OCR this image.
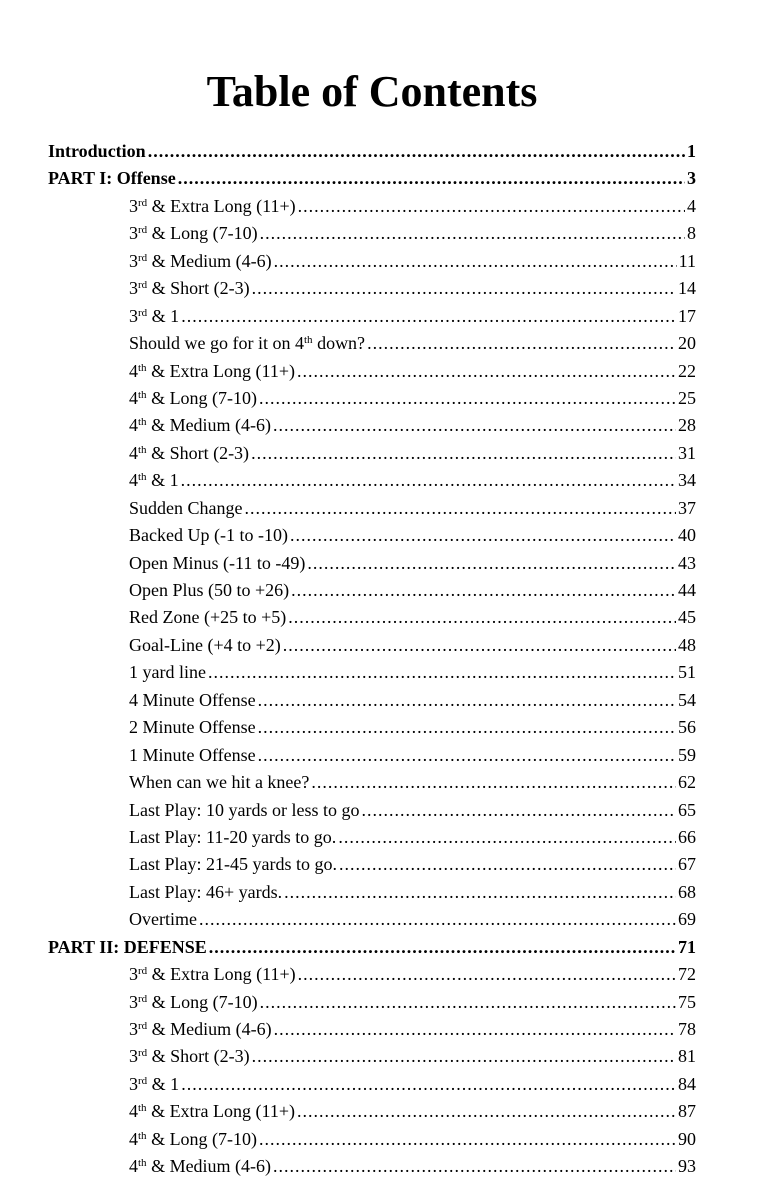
Table of Contents
Introduction .....	1
PART I: Offense .....	3
3rd & Extra Long (11+) .....	4
3rd & Long (7-10) .....	8
3rd & Medium (4-6) .....	11
3rd & Short (2-3) .....	14
3rd & 1 .....	17
Should we go for it on 4th down? .....	20
4th & Extra Long (11+) .....	22
4th & Long (7-10) .....	25
4th & Medium (4-6) .....	28
4th & Short (2-3) .....	31
4th & 1 .....	34
Sudden Change .....	37
Backed Up (-1 to -10) .....	40
Open Minus (-11 to -49) .....	43
Open Plus (50 to +26) .....	44
Red Zone (+25 to +5) .....	45
Goal-Line (+4 to +2) .....	48
1 yard line .....	51
4 Minute Offense .....	54
2 Minute Offense .....	56
1 Minute Offense .....	59
When can we hit a knee? .....	62
Last Play: 10 yards or less to go .....	65
Last Play: 11-20 yards to go. .....	66
Last Play: 21-45 yards to go. .....	67
Last Play: 46+ yards. .....	68
Overtime .....	69
PART II: DEFENSE .....	71
3rd & Extra Long (11+) .....	72
3rd & Long (7-10) .....	75
3rd & Medium (4-6) .....	78
3rd & Short (2-3) .....	81
3rd & 1 .....	84
4th & Extra Long (11+) .....	87
4th & Long (7-10) .....	90
4th & Medium (4-6) .....	93
